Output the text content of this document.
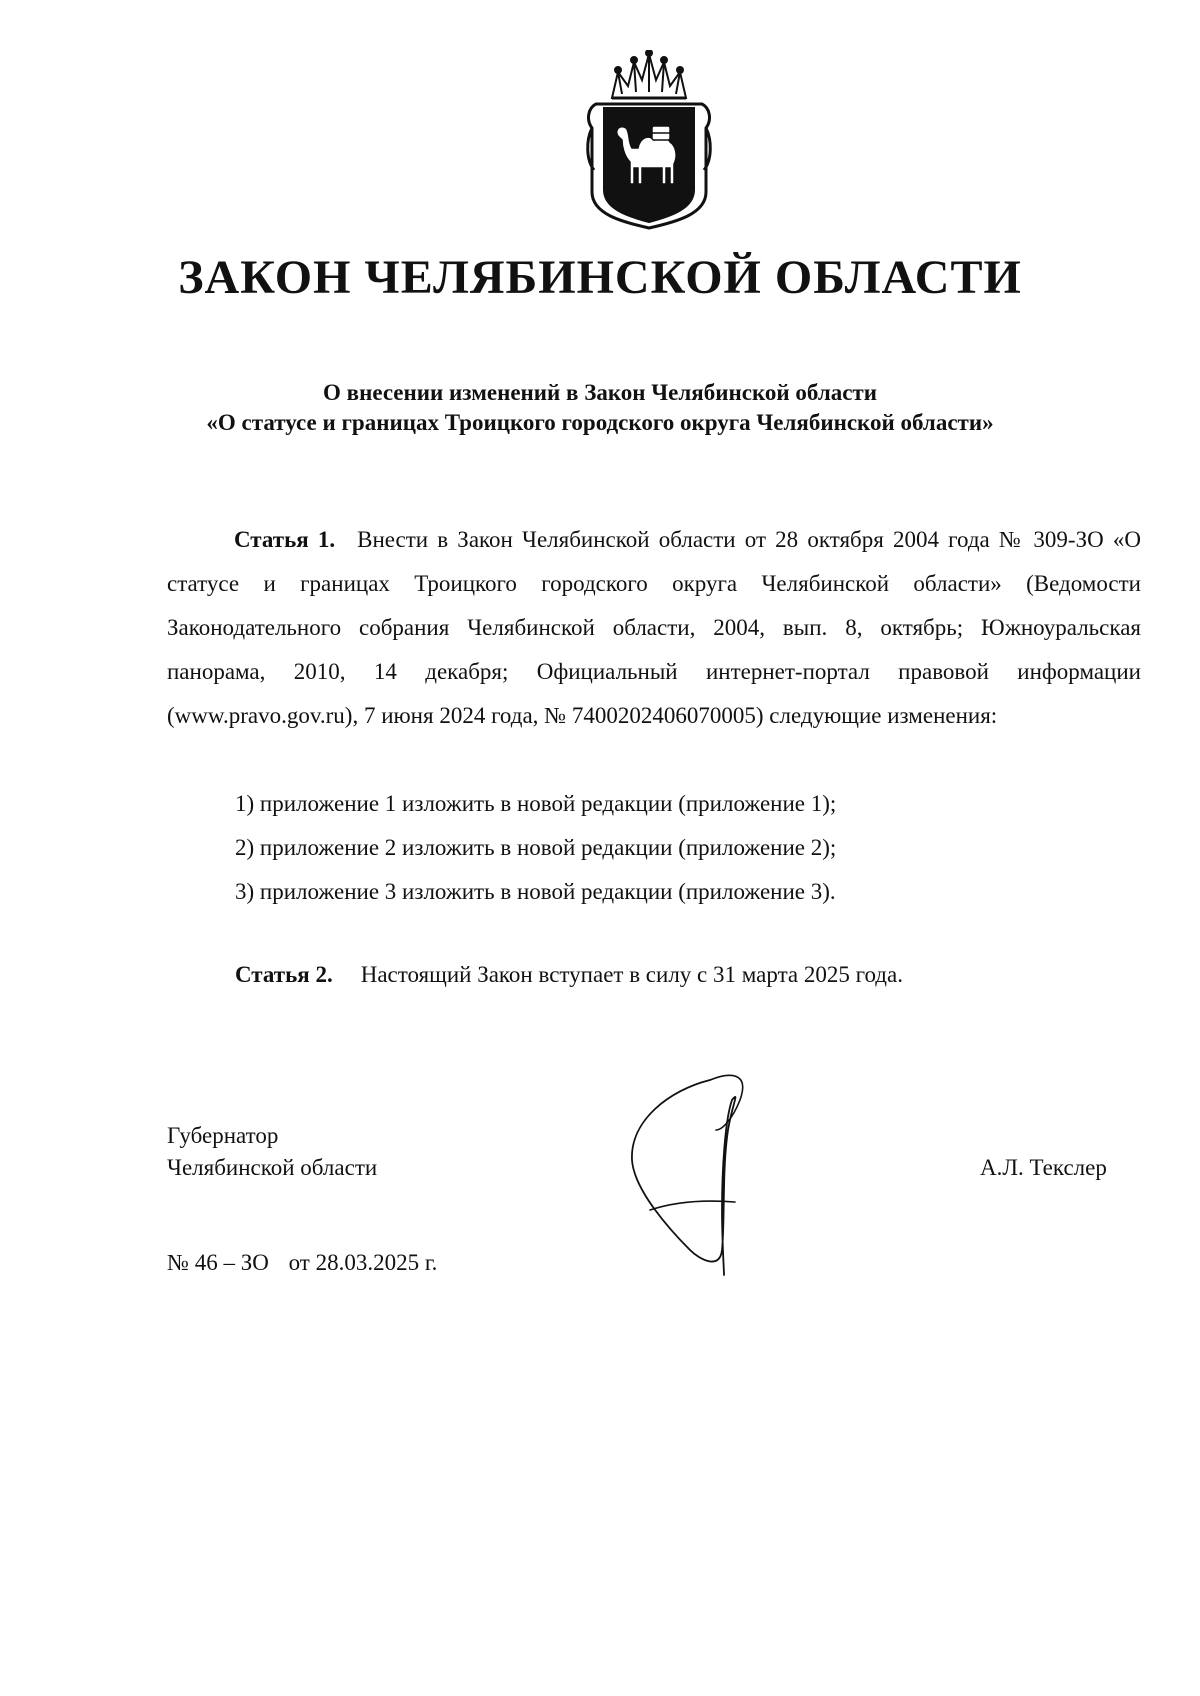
ЗАКОН ЧЕЛЯБИНСКОЙ ОБЛАСТИ
О внесении изменений в Закон Челябинской области
«О статусе и границах Троицкого городского округа Челябинской области»

Статья 1. Внести в Закон Челябинской области от 28 октября 2004 года № 309-ЗО «О статусе и границах Троицкого городского округа Челябинской области» (Ведомости Законодательного собрания Челябинской области, 2004, вып. 8, октябрь; Южноуральская панорама, 2010, 14 декабря; Официальный интернет-портал правовой информации (www.pravo.gov.ru), 7 июня 2024 года, № 7400202406070005) следующие изменения:

1) приложение 1 изложить в новой редакции (приложение 1);

2) приложение 2 изложить в новой редакции (приложение 2);

3) приложение 3 изложить в новой редакции (приложение 3).

Статья 2. Настоящий Закон вступает в силу с 31 марта 2025 года.

Губернатор
Челябинской области	А.Л. Текслер
№ 46 – ЗО от 28.03.2025 г.
